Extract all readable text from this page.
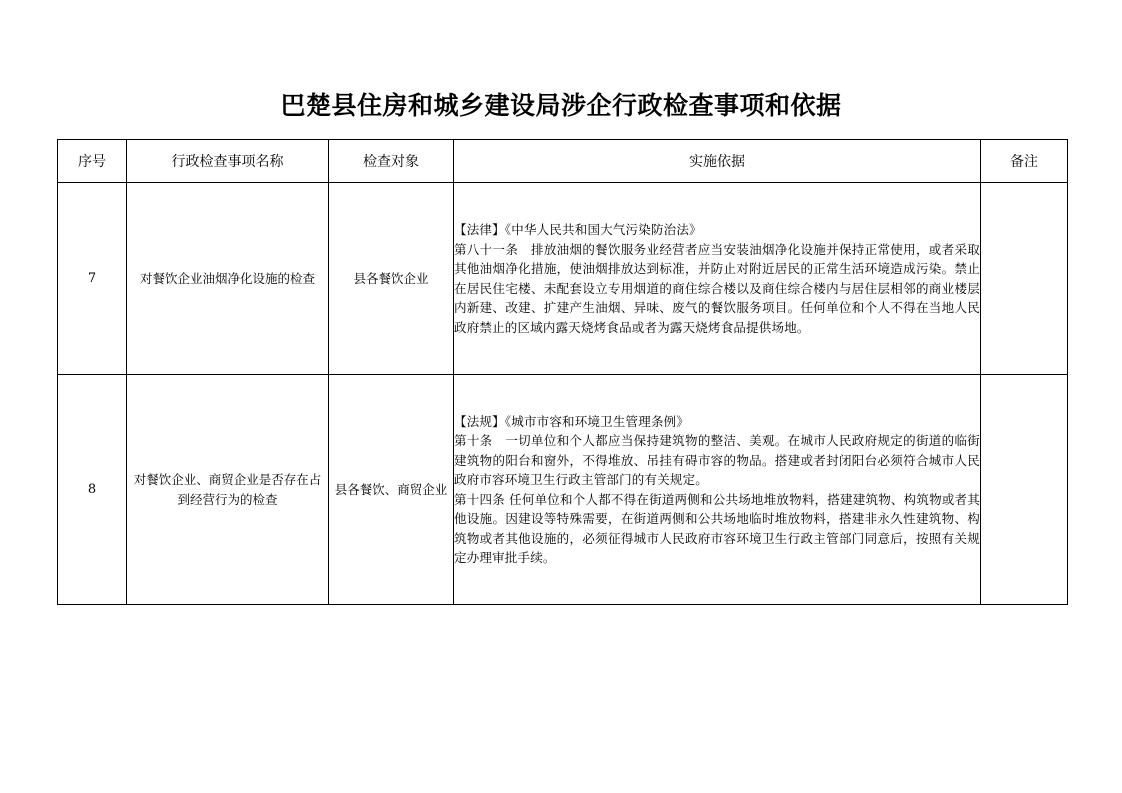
巴楚县住房和城乡建设局涉企行政检查事项和依据
序号	行政检查事项名称	检查对象	实施依据	备注
7	对餐饮企业油烟净化设施的检查	县各餐饮企业	【法律】《中华人民共和国大气污染防治法》

第八十一条　排放油烟的餐饮服务业经营者应当安装油烟净化设施并保持正常使用，或者采取其他油烟净化措施，使油烟排放达到标准，并防止对附近居民的正常生活环境造成污染。禁止在居民住宅楼、未配套设立专用烟道的商住综合楼以及商住综合楼内与居住层相邻的商业楼层内新建、改建、扩建产生油烟、异味、废气的餐饮服务项目。任何单位和个人不得在当地人民政府禁止的区域内露天烧烤食品或者为露天烧烤食品提供场地。	

8	对餐饮企业、商贸企业是否存在占到经营行为的检查	县各餐饮、商贸企业	【法规】《城市市容和环境卫生管理条例》

第十条　一切单位和个人都应当保持建筑物的整洁、美观。在城市人民政府规定的街道的临街建筑物的阳台和窗外，不得堆放、吊挂有碍市容的物品。搭建或者封闭阳台必须符合城市人民政府市容环境卫生行政主管部门的有关规定。

第十四条 任何单位和个人都不得在街道两侧和公共场地堆放物料，搭建建筑物、构筑物或者其他设施。因建设等特殊需要，在街道两侧和公共场地临时堆放物料，搭建非永久性建筑物、构筑物或者其他设施的，必须征得城市人民政府市容环境卫生行政主管部门同意后，按照有关规定办理审批手续。	
